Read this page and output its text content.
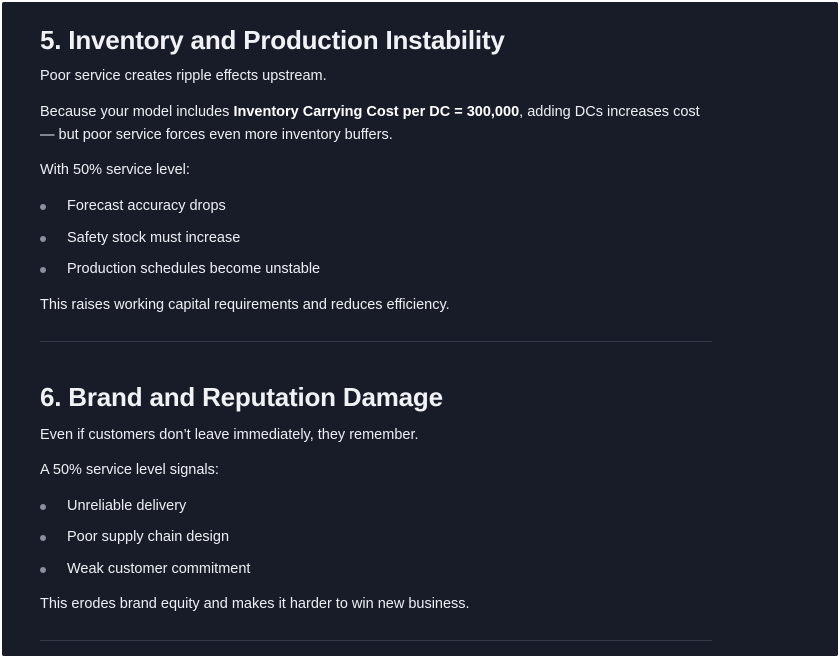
5. Inventory and Production Instability

Poor service creates ripple effects upstream.

Because your model includes Inventory Carrying Cost per DC = 300,000, adding DCs increases cost — but poor service forces even more inventory buffers.

With 50% service level:

Forecast accuracy drops
Safety stock must increase
Production schedules become unstable

This raises working capital requirements and reduces efficiency.

6. Brand and Reputation Damage

Even if customers don’t leave immediately, they remember.

A 50% service level signals:

Unreliable delivery
Poor supply chain design
Weak customer commitment

This erodes brand equity and makes it harder to win new business.
